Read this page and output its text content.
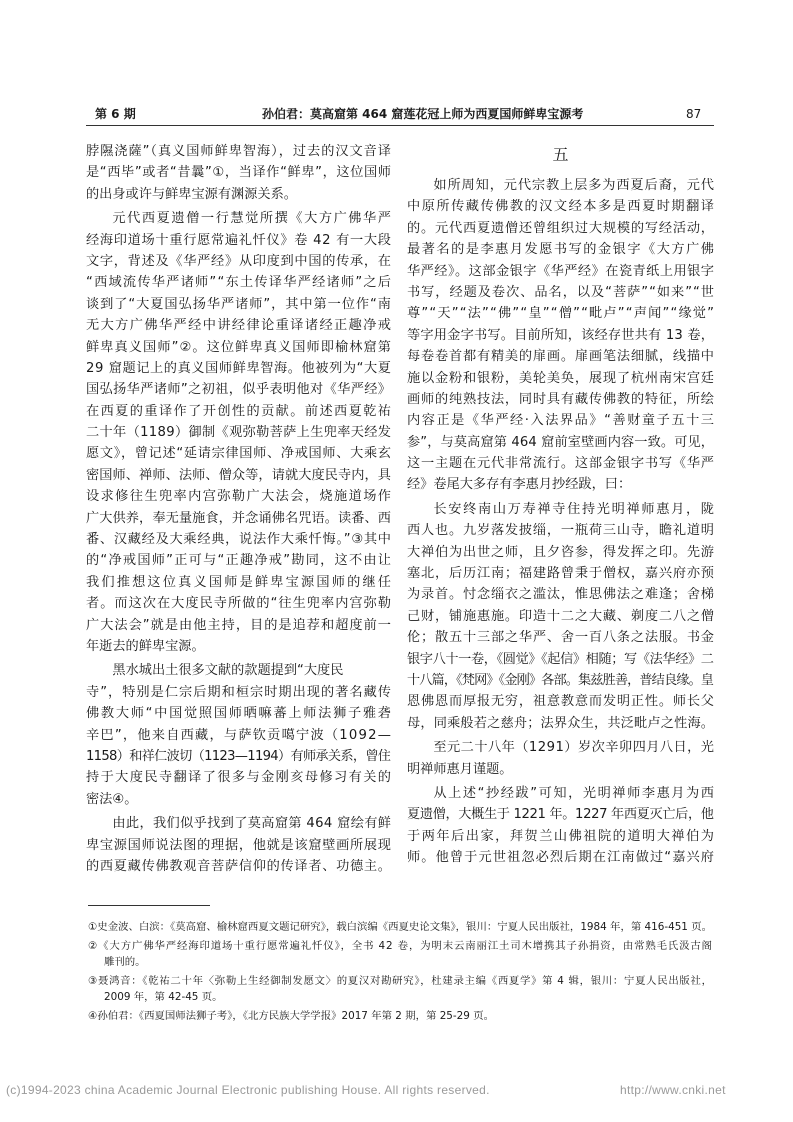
第 6 期	孙伯君：莫高窟第 464 窟莲花冠上师为西夏国师鲜卑宝源考	87
脖隰浇薩”（真义国师鲜卑智海），过去的汉文音译
是“西毕”或者“昔曩”①，当译作“鲜卑”，这位国师
的出身或许与鲜卑宝源有渊源关系。
元代西夏遗僧一行慧觉所撰《大方广佛华严
经海印道场十重行愿常遍礼忏仪》卷 42 有一大段
文字，背述及《华严经》从印度到中国的传承，在
“西域流传华严诸师”“东土传译华严经诸师”之后
谈到了“大夏国弘扬华严诸师”，其中第一位作“南
无大方广佛华严经中讲经律论重译诸经正趣净戒
鲜卑真义国师”②。这位鲜卑真义国师即榆林窟第
29 窟题记上的真义国师鲜卑智海。他被列为“大夏
国弘扬华严诸师”之初祖，似乎表明他对《华严经》
在西夏的重译作了开创性的贡献。前述西夏乾祐
二十年（1189）御制《观弥勒菩萨上生兜率天经发
愿文》，曾记述“延请宗律国师、净戒国师、大乘玄
密国师、禅师、法师、僧众等，请就大度民寺内，具
设求修往生兜率内宫弥勒广大法会，烧施道场作
广大供养，奉无量施食，并念诵佛名咒语。读番、西
番、汉藏经及大乘经典，说法作大乘忏悔。”③其中
的“净戒国师”正可与“正趣净戒”勘同，这不由让
我们推想这位真义国师是鲜卑宝源国师的继任
者。而这次在大度民寺所做的“往生兜率内宫弥勒
广大法会”就是由他主持，目的是追荐和超度前一
年逝去的鲜卑宝源。
黑水城出土很多文献的款题提到“大度民
寺”，特别是仁宗后期和桓宗时期出现的著名藏传
佛教大师“中国觉照国师晒嘛蕃上师法狮子雅砻
辛巴”，他来自西藏，与萨钦贡噶宁波（1092—
1158）和祥仁波切（1123—1194）有师承关系，曾住
持于大度民寺翻译了很多与金刚亥母修习有关的
密法④。
由此，我们似乎找到了莫高窟第 464 窟绘有鲜
卑宝源国师说法图的理据，他就是该窟壁画所展现
的西夏藏传佛教观音菩萨信仰的传译者、功德主。
五
如所周知，元代宗教上层多为西夏后裔，元代
中原所传藏传佛教的汉文经本多是西夏时期翻译
的。元代西夏遗僧还曾组织过大规模的写经活动，
最著名的是李惠月发愿书写的金银字《大方广佛
华严经》。这部金银字《华严经》在瓷青纸上用银字
书写，经题及卷次、品名，以及“菩萨”“如来”“世
尊”“天”“法”“佛”“皇”“僧”“毗卢”“声闻”“缘觉”
等字用金字书写。目前所知，该经存世共有 13 卷，
每卷卷首都有精美的扉画。扉画笔法细腻，线描中
施以金粉和银粉，美轮美奂，展现了杭州南宋宫廷
画师的纯熟技法，同时具有藏传佛教的特征，所绘
内容正是《华严经·入法界品》“善财童子五十三
参”，与莫高窟第 464 窟前室壁画内容一致。可见，
这一主题在元代非常流行。这部金银字书写《华严
经》卷尾大多存有李惠月抄经跋，曰：
长安终南山万寿禅寺住持光明禅师惠月，陇
西人也。九岁落发披缁，一瓶荷三山寺，瞻礼道明
大禅伯为出世之师，且夕咨参，得发挥之印。先游
塞北，后历江南；福建路曾秉于僧权，嘉兴府亦预
为录首。忖念缁衣之滥汰，惟思佛法之难逢；舍梯
己财，铺施惠施。印造十二之大藏、剃度二八之僧
伦；散五十三部之华严、舍一百八条之法服。书金
银字八十一卷，《圆觉》《起信》相随；写《法华经》二
十八篇，《梵网》《金刚》各部。集兹胜善，普结良缘。皇
恩佛恩而厚报无穷，祖意教意而发明正性。师长父
母，同乘般若之慈舟；法界众生，共泛毗卢之性海。
至元二十八年（1291）岁次辛卯四月八日，光
明禅师惠月谨题。
从上述“抄经跋”可知，光明禅师李惠月为西
夏遗僧，大概生于 1221 年。1227 年西夏灭亡后，他
于两年后出家，拜贺兰山佛祖院的道明大禅伯为
师。他曾于元世祖忽必烈后期在江南做过“嘉兴府
①史金波、白滨：《莫高窟、榆林窟西夏文题记研究》，载白滨编《西夏史论文集》，银川：宁夏人民出版社，1984 年，第 416-451 页。
②《大方广佛华严经海印道场十重行愿常遍礼忏仪》，全书 42 卷，为明末云南丽江土司木增携其子孙捐资，由常熟毛氏汲古阁
雕刊的。
③聂鸿音：《乾祐二十年〈弥勒上生经御制发愿文〉的夏汉对勘研究》，杜建录主编《西夏学》第 4 辑，银川：宁夏人民出版社，
2009 年，第 42-45 页。
④孙伯君：《西夏国师法狮子考》，《北方民族大学学报》2017 年第 2 期，第 25-29 页。
(c)1994-2023 china Academic Journal Electronic publishing House. All rights reserved.	http://www.cnki.net
